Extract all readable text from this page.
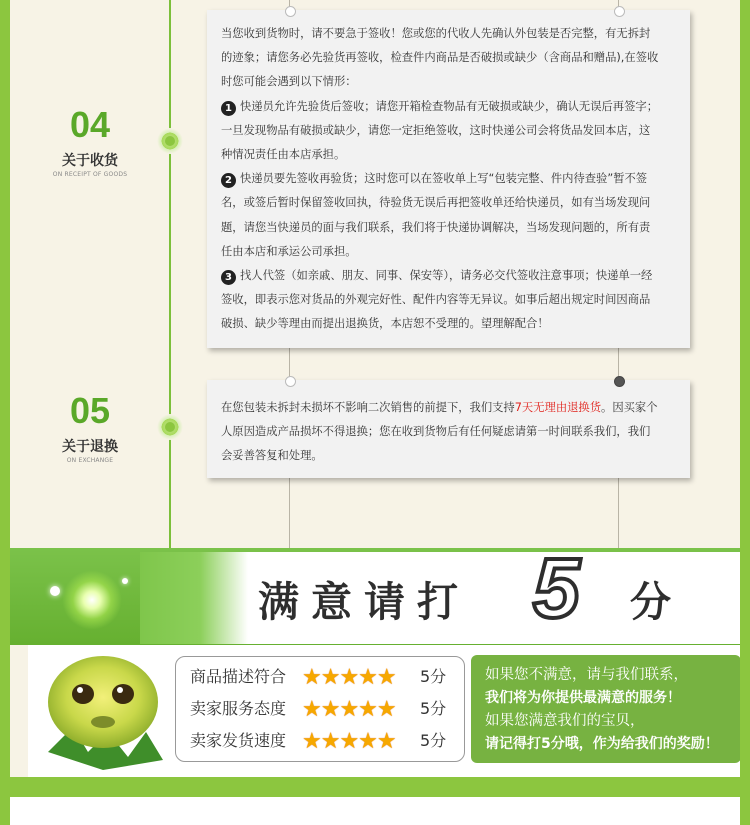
04
关于收货
ON RECEIPT OF GOODS

当您收到货物时，请不要急于签收！您或您的代收人先确认外包装是否完整，有无拆封

的迹象；请您务必先验货再签收，检查件内商品是否破损或缺少（含商品和赠品),在签收

时您可能会遇到以下情形：

1 快递员允许先验货后签收；请您开箱检查物品有无破损或缺少，确认无误后再签字；

一旦发现物品有破损或缺少，请您一定拒绝签收，这时快递公司会将货品发回本店，这

种情况责任由本店承担。

2 快递员要先签收再验货；这时您可以在签收单上写“包装完整、件内待查验”暂不签

名，或签后暂时保留签收回执，待验货无误后再把签收单还给快递员，如有当场发现问

题，请您当快递员的面与我们联系，我们将于快递协调解决，当场发现问题的，所有责

任由本店和承运公司承担。

3 找人代签（如亲戚、朋友、同事、保安等），请务必交代签收注意事项；快递单一经

签收，即表示您对货品的外观完好性、配件内容等无异议。如事后超出规定时间因商品

破损、缺少等理由而提出退换货，本店恕不受理的。望理解配合！

05
关于退换
ON EXCHANGE

在您包装未拆封未损坏不影响二次销售的前提下，我们支持7天无理由退换货。因买家个

人原因造成产品损坏不得退换；您在收到货物后有任何疑虑请第一时间联系我们，我们

会妥善答复和处理。

满意请打 5 分
商品描述符合 ★★★★★ 5分
卖家服务态度 ★★★★★ 5分
卖家发货速度 ★★★★★ 5分
如果您不满意，请与我们联系，
我们将为你提供最满意的服务！
如果您满意我们的宝贝，
请记得打5分哦，作为给我们的奖励！
